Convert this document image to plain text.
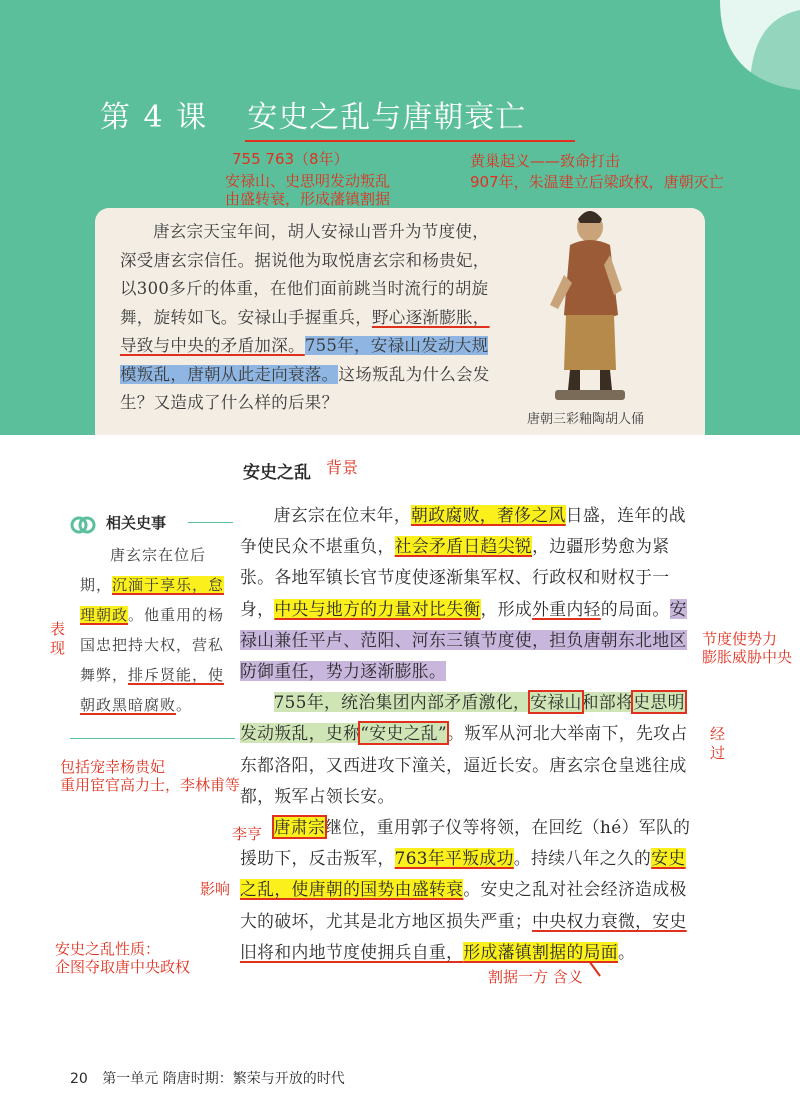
第 4 课 安史之乱与唐朝衰亡
755 763（8年）
安禄山、史思明发动叛乱
由盛转衰，形成藩镇割据
黄巢起义——致命打击
907年，朱温建立后梁政权，唐朝灭亡
唐玄宗天宝年间，胡人安禄山晋升为节度使，深受唐玄宗信任。据说他为取悦唐玄宗和杨贵妃，以300多斤的体重，在他们面前跳当时流行的胡旋舞，旋转如飞。安禄山手握重兵，野心逐渐膨胀，导致与中央的矛盾加深。755年，安禄山发动大规模叛乱，唐朝从此走向衰落。这场叛乱为什么会发生？又造成了什么样的后果？
唐朝三彩釉陶胡人俑
安史之乱 背景
相关史事
唐玄宗在位后期，沉湎于享乐，怠理朝政。他重用的杨国忠把持大权，营私舞弊，排斥贤能，使朝政黑暗腐败。
表现
包括宠幸杨贵妃
重用宦官高力士，李林甫等
李亨
影响
安史之乱性质：
企图夺取唐中央政权
节度使势力
膨胀威胁中央
经过
割据一方 含义

唐玄宗在位末年，朝政腐败，奢侈之风日盛，连年的战争使民众不堪重负，社会矛盾日趋尖锐，边疆形势愈为紧张。各地军镇长官节度使逐渐集军权、行政权和财权于一身，中央与地方的力量对比失衡，形成外重内轻的局面。安禄山兼任平卢、范阳、河东三镇节度使，担负唐朝东北地区防御重任，势力逐渐膨胀。

755年，统治集团内部矛盾激化，安禄山和部将史思明发动叛乱，史称“安史之乱”。叛军从河北大举南下，先攻占东都洛阳，又西进攻下潼关，逼近长安。唐玄宗仓皇逃往成都，叛军占领长安。

唐肃宗继位，重用郭子仪等将领，在回纥（hé）军队的援助下，反击叛军，763年平叛成功。持续八年之久的安史之乱，使唐朝的国势由盛转衰。安史之乱对社会经济造成极大的破坏，尤其是北方地区损失严重；中央权力衰微，安史旧将和内地节度使拥兵自重，形成藩镇割据的局面。

20 第一单元 隋唐时期：繁荣与开放的时代
